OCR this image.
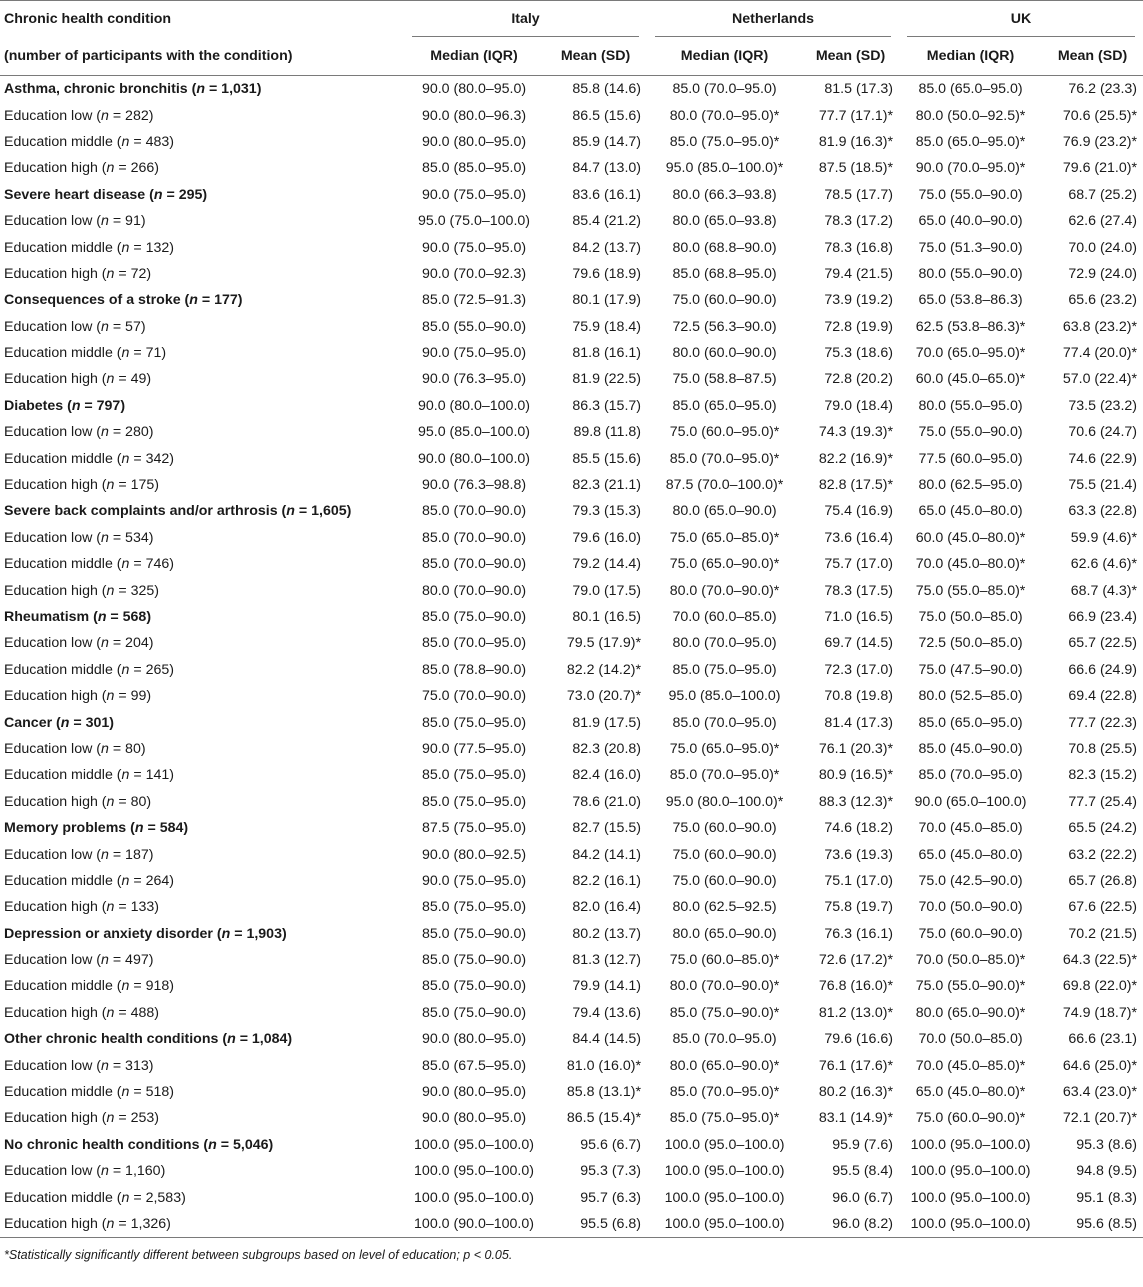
Chronic health condition	Italy		Netherlands		UK	

(number of participants with the condition)	Median (IQR)	Mean (SD)	Median (IQR)	Mean (SD)	Median (IQR)	Mean (SD)
Asthma, chronic bronchitis (n = 1,031)	90.0 (80.0–95.0)	85.8 (14.6)	85.0 (70.0–95.0)	81.5 (17.3)	85.0 (65.0–95.0)	76.2 (23.3)
Education low (n = 282)	90.0 (80.0–96.3)	86.5 (15.6)	80.0 (70.0–95.0)*	77.7 (17.1)*	80.0 (50.0–92.5)*	70.6 (25.5)*
Education middle (n = 483)	90.0 (80.0–95.0)	85.9 (14.7)	85.0 (75.0–95.0)*	81.9 (16.3)*	85.0 (65.0–95.0)*	76.9 (23.2)*
Education high (n = 266)	85.0 (85.0–95.0)	84.7 (13.0)	95.0 (85.0–100.0)*	87.5 (18.5)*	90.0 (70.0–95.0)*	79.6 (21.0)*
Severe heart disease (n = 295)	90.0 (75.0–95.0)	83.6 (16.1)	80.0 (66.3–93.8)	78.5 (17.7)	75.0 (55.0–90.0)	68.7 (25.2)
Education low (n = 91)	95.0 (75.0–100.0)	85.4 (21.2)	80.0 (65.0–93.8)	78.3 (17.2)	65.0 (40.0–90.0)	62.6 (27.4)
Education middle (n = 132)	90.0 (75.0–95.0)	84.2 (13.7)	80.0 (68.8–90.0)	78.3 (16.8)	75.0 (51.3–90.0)	70.0 (24.0)
Education high (n = 72)	90.0 (70.0–92.3)	79.6 (18.9)	85.0 (68.8–95.0)	79.4 (21.5)	80.0 (55.0–90.0)	72.9 (24.0)
Consequences of a stroke (n = 177)	85.0 (72.5–91.3)	80.1 (17.9)	75.0 (60.0–90.0)	73.9 (19.2)	65.0 (53.8–86.3)	65.6 (23.2)
Education low (n = 57)	85.0 (55.0–90.0)	75.9 (18.4)	72.5 (56.3–90.0)	72.8 (19.9)	62.5 (53.8–86.3)*	63.8 (23.2)*
Education middle (n = 71)	90.0 (75.0–95.0)	81.8 (16.1)	80.0 (60.0–90.0)	75.3 (18.6)	70.0 (65.0–95.0)*	77.4 (20.0)*
Education high (n = 49)	90.0 (76.3–95.0)	81.9 (22.5)	75.0 (58.8–87.5)	72.8 (20.2)	60.0 (45.0–65.0)*	57.0 (22.4)*
Diabetes (n = 797)	90.0 (80.0–100.0)	86.3 (15.7)	85.0 (65.0–95.0)	79.0 (18.4)	80.0 (55.0–95.0)	73.5 (23.2)
Education low (n = 280)	95.0 (85.0–100.0)	89.8 (11.8)	75.0 (60.0–95.0)*	74.3 (19.3)*	75.0 (55.0–90.0)	70.6 (24.7)
Education middle (n = 342)	90.0 (80.0–100.0)	85.5 (15.6)	85.0 (70.0–95.0)*	82.2 (16.9)*	77.5 (60.0–95.0)	74.6 (22.9)
Education high (n = 175)	90.0 (76.3–98.8)	82.3 (21.1)	87.5 (70.0–100.0)*	82.8 (17.5)*	80.0 (62.5–95.0)	75.5 (21.4)
Severe back complaints and/or arthrosis (n = 1,605)	85.0 (70.0–90.0)	79.3 (15.3)	80.0 (65.0–90.0)	75.4 (16.9)	65.0 (45.0–80.0)	63.3 (22.8)
Education low (n = 534)	85.0 (70.0–90.0)	79.6 (16.0)	75.0 (65.0–85.0)*	73.6 (16.4)	60.0 (45.0–80.0)*	59.9 (4.6)*
Education middle (n = 746)	85.0 (70.0–90.0)	79.2 (14.4)	75.0 (65.0–90.0)*	75.7 (17.0)	70.0 (45.0–80.0)*	62.6 (4.6)*
Education high (n = 325)	80.0 (70.0–90.0)	79.0 (17.5)	80.0 (70.0–90.0)*	78.3 (17.5)	75.0 (55.0–85.0)*	68.7 (4.3)*
Rheumatism (n = 568)	85.0 (75.0–90.0)	80.1 (16.5)	70.0 (60.0–85.0)	71.0 (16.5)	75.0 (50.0–85.0)	66.9 (23.4)
Education low (n = 204)	85.0 (70.0–95.0)	79.5 (17.9)*	80.0 (70.0–95.0)	69.7 (14.5)	72.5 (50.0–85.0)	65.7 (22.5)
Education middle (n = 265)	85.0 (78.8–90.0)	82.2 (14.2)*	85.0 (75.0–95.0)	72.3 (17.0)	75.0 (47.5–90.0)	66.6 (24.9)
Education high (n = 99)	75.0 (70.0–90.0)	73.0 (20.7)*	95.0 (85.0–100.0)	70.8 (19.8)	80.0 (52.5–85.0)	69.4 (22.8)
Cancer (n = 301)	85.0 (75.0–95.0)	81.9 (17.5)	85.0 (70.0–95.0)	81.4 (17.3)	85.0 (65.0–95.0)	77.7 (22.3)
Education low (n = 80)	90.0 (77.5–95.0)	82.3 (20.8)	75.0 (65.0–95.0)*	76.1 (20.3)*	85.0 (45.0–90.0)	70.8 (25.5)
Education middle (n = 141)	85.0 (75.0–95.0)	82.4 (16.0)	85.0 (70.0–95.0)*	80.9 (16.5)*	85.0 (70.0–95.0)	82.3 (15.2)
Education high (n = 80)	85.0 (75.0–95.0)	78.6 (21.0)	95.0 (80.0–100.0)*	88.3 (12.3)*	90.0 (65.0–100.0)	77.7 (25.4)
Memory problems (n = 584)	87.5 (75.0–95.0)	82.7 (15.5)	75.0 (60.0–90.0)	74.6 (18.2)	70.0 (45.0–85.0)	65.5 (24.2)
Education low (n = 187)	90.0 (80.0–92.5)	84.2 (14.1)	75.0 (60.0–90.0)	73.6 (19.3)	65.0 (45.0–80.0)	63.2 (22.2)
Education middle (n = 264)	90.0 (75.0–95.0)	82.2 (16.1)	75.0 (60.0–90.0)	75.1 (17.0)	75.0 (42.5–90.0)	65.7 (26.8)
Education high (n = 133)	85.0 (75.0–95.0)	82.0 (16.4)	80.0 (62.5–92.5)	75.8 (19.7)	70.0 (50.0–90.0)	67.6 (22.5)
Depression or anxiety disorder (n = 1,903)	85.0 (75.0–90.0)	80.2 (13.7)	80.0 (65.0–90.0)	76.3 (16.1)	75.0 (60.0–90.0)	70.2 (21.5)
Education low (n = 497)	85.0 (75.0–90.0)	81.3 (12.7)	75.0 (60.0–85.0)*	72.6 (17.2)*	70.0 (50.0–85.0)*	64.3 (22.5)*
Education middle (n = 918)	85.0 (75.0–90.0)	79.9 (14.1)	80.0 (70.0–90.0)*	76.8 (16.0)*	75.0 (55.0–90.0)*	69.8 (22.0)*
Education high (n = 488)	85.0 (75.0–90.0)	79.4 (13.6)	85.0 (75.0–90.0)*	81.2 (13.0)*	80.0 (65.0–90.0)*	74.9 (18.7)*
Other chronic health conditions (n = 1,084)	90.0 (80.0–95.0)	84.4 (14.5)	85.0 (70.0–95.0)	79.6 (16.6)	70.0 (50.0–85.0)	66.6 (23.1)
Education low (n = 313)	85.0 (67.5–95.0)	81.0 (16.0)*	80.0 (65.0–90.0)*	76.1 (17.6)*	70.0 (45.0–85.0)*	64.6 (25.0)*
Education middle (n = 518)	90.0 (80.0–95.0)	85.8 (13.1)*	85.0 (70.0–95.0)*	80.2 (16.3)*	65.0 (45.0–80.0)*	63.4 (23.0)*
Education high (n = 253)	90.0 (80.0–95.0)	86.5 (15.4)*	85.0 (75.0–95.0)*	83.1 (14.9)*	75.0 (60.0–90.0)*	72.1 (20.7)*
No chronic health conditions (n = 5,046)	100.0 (95.0–100.0)	95.6 (6.7)	100.0 (95.0–100.0)	95.9 (7.6)	100.0 (95.0–100.0)	95.3 (8.6)
Education low (n = 1,160)	100.0 (95.0–100.0)	95.3 (7.3)	100.0 (95.0–100.0)	95.5 (8.4)	100.0 (95.0–100.0)	94.8 (9.5)
Education middle (n = 2,583)	100.0 (95.0–100.0)	95.7 (6.3)	100.0 (95.0–100.0)	96.0 (6.7)	100.0 (95.0–100.0)	95.1 (8.3)
Education high (n = 1,326)	100.0 (90.0–100.0)	95.5 (6.8)	100.0 (95.0–100.0)	96.0 (8.2)	100.0 (95.0–100.0)	95.6 (8.5)
*Statistically significantly different between subgroups based on level of education; p < 0.05.
